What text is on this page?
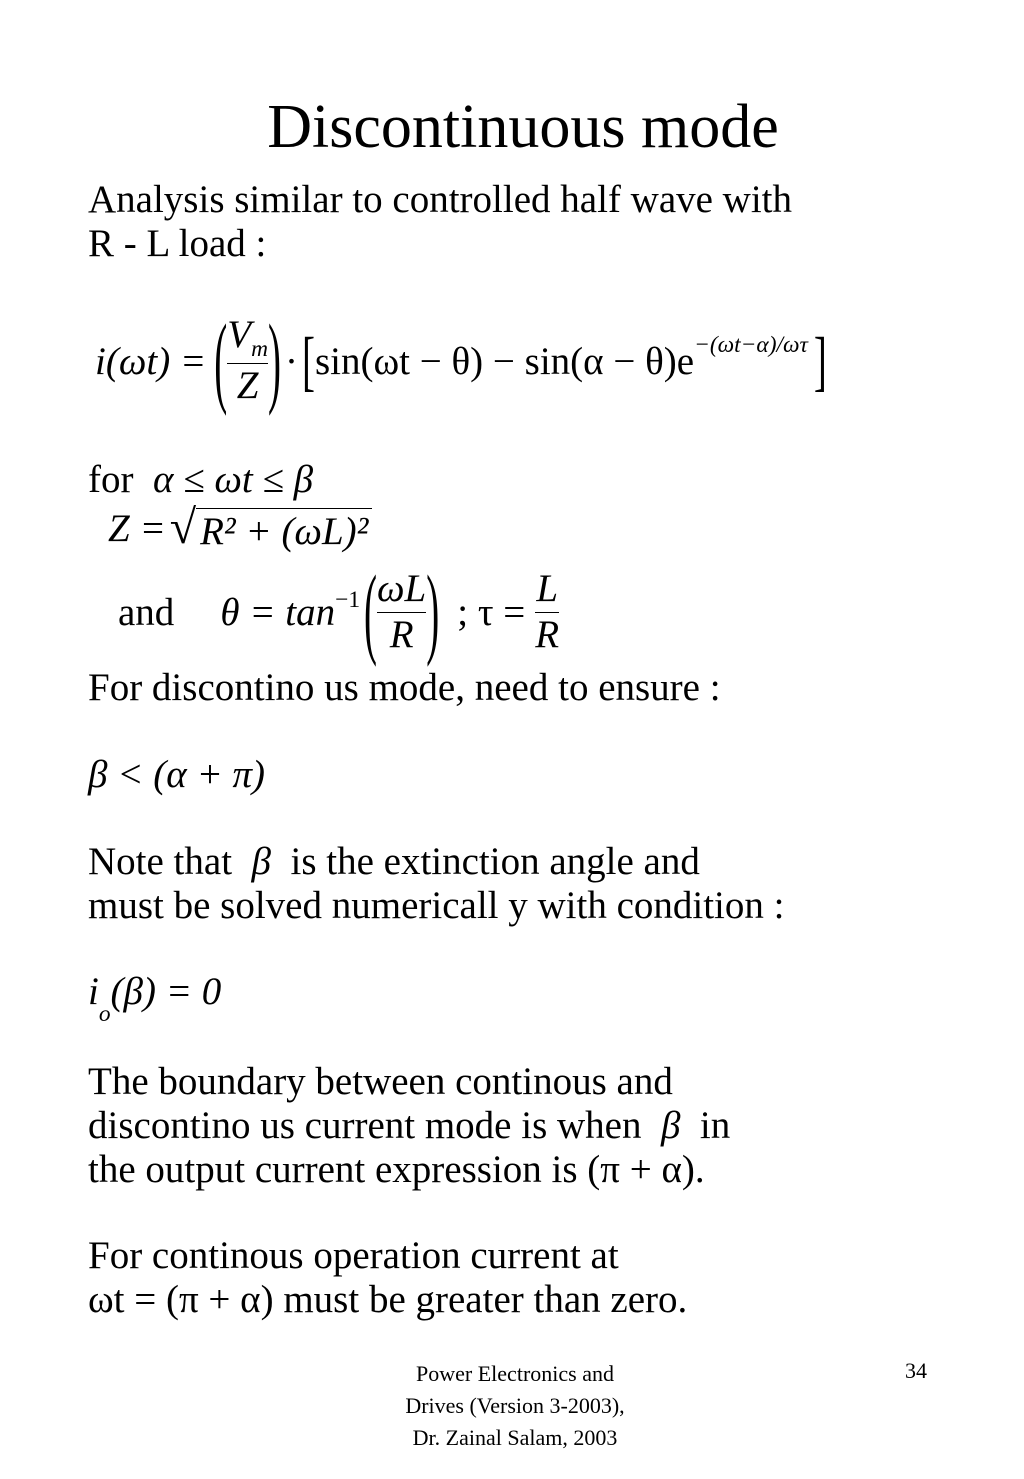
Discontinuous mode
Analysis similar to controlled half wave with
R - L load :
i(ωt) = ( $\frac{V_m}{Z}$ ) · [ sin(ωt − θ) − sin(α − θ)e $^{-(\omega t-\alpha)/\omega\tau}$ ]
for α ≤ ωt ≤ β
Z = √ R² + (ωL)²
and $\theta = \tan^{-1}$ ( $\frac{\omega L}{R}$ ) ; $\tau = \frac{L}{R}$
For discontino us mode, need to ensure :
β < (α + π)
Note that β is the extinction angle and
must be solved numericall y with condition :
$i_o(\beta) = 0$
The boundary between continous and
discontino us current mode is when β in
the output current expression is (π + α).
For continous operation current at
ωt = (π + α) must be greater than zero.
Power Electronics and
Drives (Version 3-2003),
Dr. Zainal Salam, 2003
34
